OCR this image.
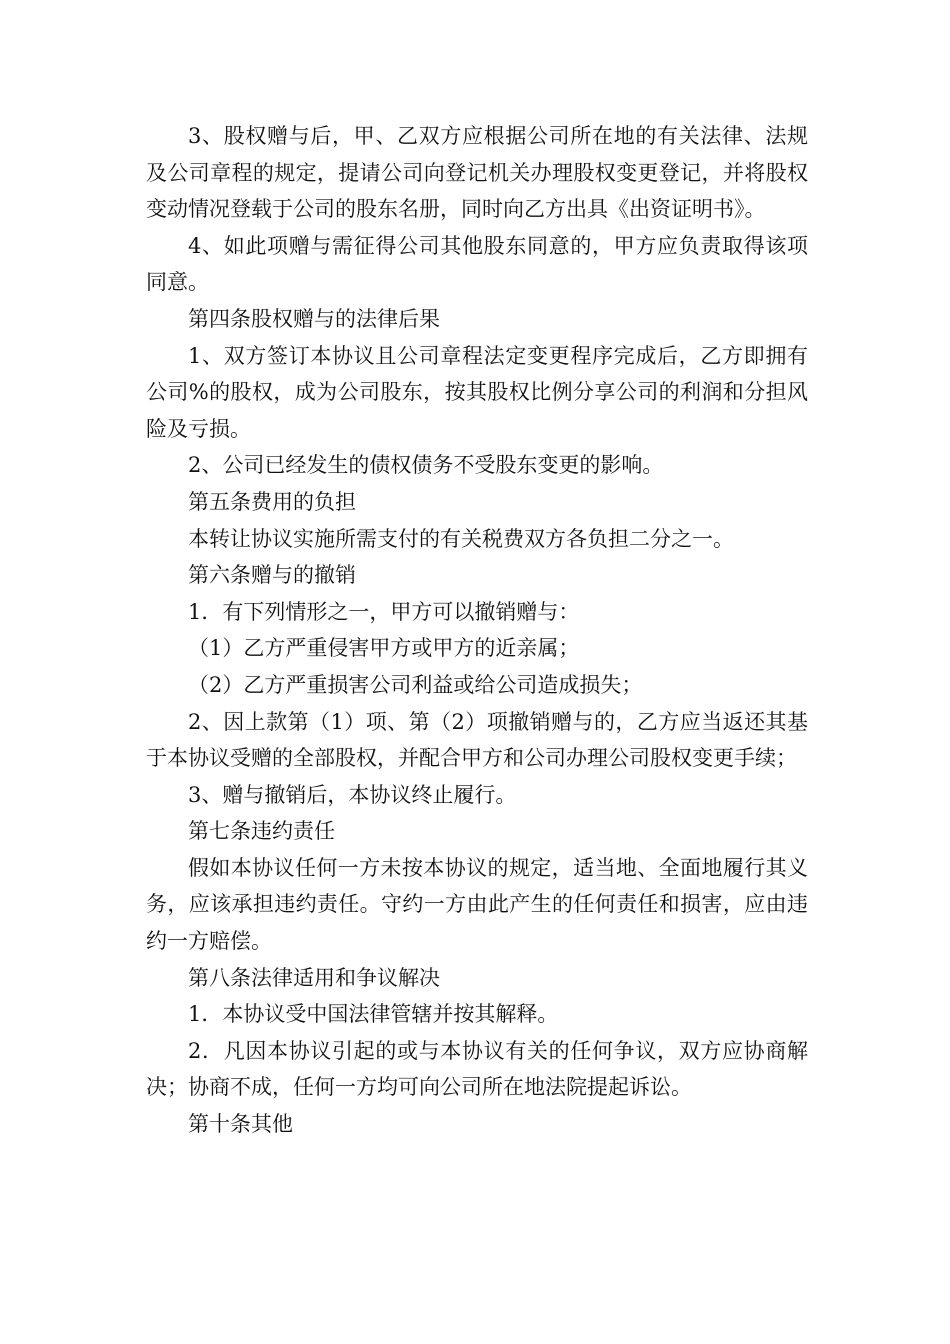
3、股权赠与后，甲、乙双方应根据公司所在地的有关法律、法规及公司章程的规定，提请公司向登记机关办理股权变更登记，并将股权变动情况登载于公司的股东名册，同时向乙方出具《出资证明书》。

4、如此项赠与需征得公司其他股东同意的，甲方应负责取得该项同意。

第四条股权赠与的法律后果

1、双方签订本协议且公司章程法定变更程序完成后，乙方即拥有公司%的股权，成为公司股东，按其股权比例分享公司的利润和分担风险及亏损。

2、公司已经发生的债权债务不受股东变更的影响。

第五条费用的负担

本转让协议实施所需支付的有关税费双方各负担二分之一。

第六条赠与的撤销

1．有下列情形之一，甲方可以撤销赠与：

（1）乙方严重侵害甲方或甲方的近亲属；

（2）乙方严重损害公司利益或给公司造成损失；

2、因上款第（1）项、第（2）项撤销赠与的，乙方应当返还其基于本协议受赠的全部股权，并配合甲方和公司办理公司股权变更手续；

3、赠与撤销后，本协议终止履行。

第七条违约责任

假如本协议任何一方未按本协议的规定，适当地、全面地履行其义务，应该承担违约责任。守约一方由此产生的任何责任和损害，应由违约一方赔偿。

第八条法律适用和争议解决

1．本协议受中国法律管辖并按其解释。

2．凡因本协议引起的或与本协议有关的任何争议，双方应协商解决；协商不成，任何一方均可向公司所在地法院提起诉讼。

第十条其他
